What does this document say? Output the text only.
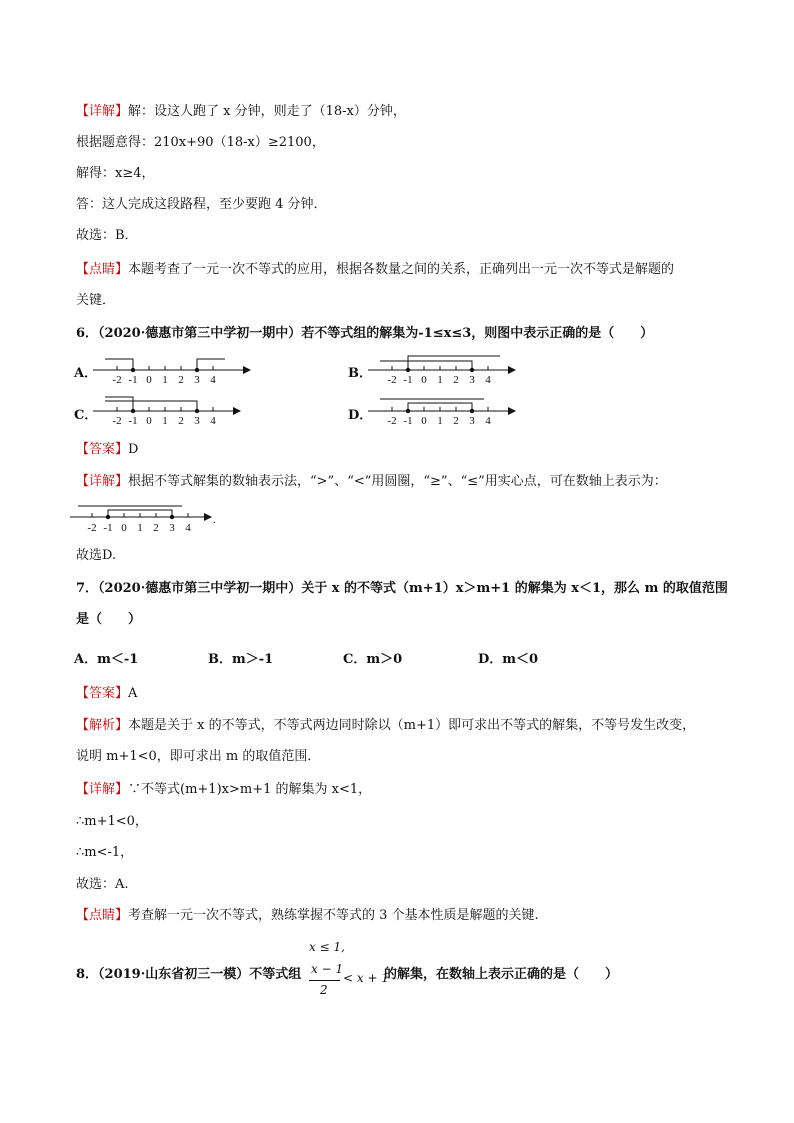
【详解】解：设这人跑了 x 分钟，则走了（18-x）分钟，
根据题意得：210x+90（18-x）≥2100，
解得：x≥4，
答：这人完成这段路程，至少要跑 4 分钟．
故选：B．
【点睛】本题考查了一元一次不等式的应用，根据各数量之间的关系，正确列出一元一次不等式是解题的
关键．
6．（2020·德惠市第三中学初一期中）若不等式组的解集为-1≤x≤3，则图中表示正确的是（　　）
A． -2 -1 0 1 2 3 4	B． -2 -1 0 1 2 3 4
C． -2 -1 0 1 2 3 4	D． -2 -1 0 1 2 3 4
【答案】D
【详解】根据不等式解集的数轴表示法，“>”、“<”用圆圈，“≥”、“≤”用实心点，可在数轴上表示为：
-2 -1 0 1 2 3 4
.
故选D.
7．（2020·德惠市第三中学初一期中）关于 x 的不等式（m+1）x＞m+1 的解集为 x＜1，那么 m 的取值范围
是（　　）
A．m＜-1	B．m＞-1	C．m＞0	D．m＜0
【答案】A
【解析】本题是关于 x 的不等式，不等式两边同时除以（m+1）即可求出不等式的解集，不等号发生改变，
说明 m+1<0，即可求出 m 的取值范围．
【详解】∵不等式(m+1)x>m+1 的解集为 x<1，
∴m+1<0，
∴m<-1，
故选：A.
【点睛】考查解一元一次不等式，熟练掌握不等式的 3 个基本性质是解题的关键.
8．（2019·山东省初三一模）不等式组
x ≤ 1,
x − 1
2
< x + 1
的解集，在数轴上表示正确的是（　　）
